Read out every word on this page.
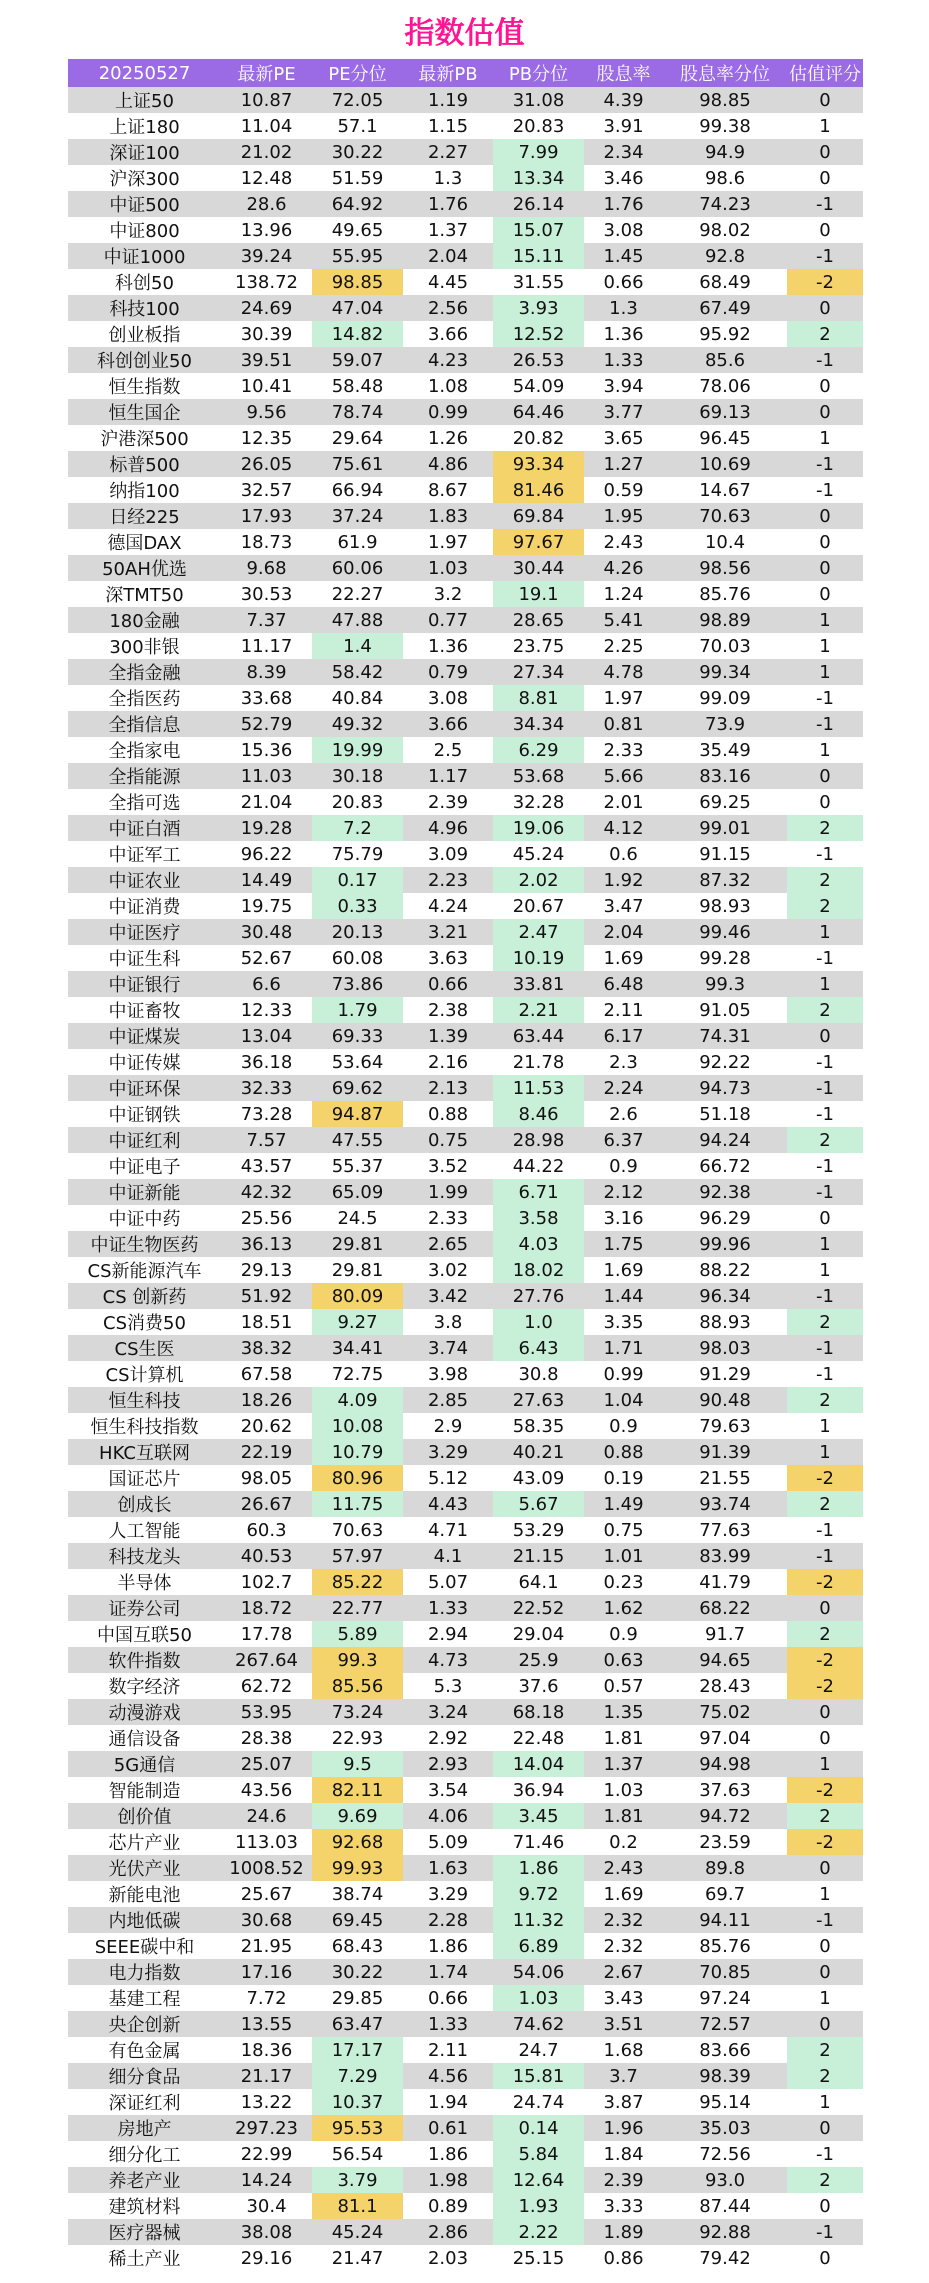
指数估值
20250527	最新PE	PE分位	最新PB	PB分位	股息率	股息率分位	估值评分
上证50	10.87	72.05	1.19	31.08	4.39	98.85	0
上证180	11.04	57.1	1.15	20.83	3.91	99.38	1
深证100	21.02	30.22	2.27	7.99	2.34	94.9	0
沪深300	12.48	51.59	1.3	13.34	3.46	98.6	0
中证500	28.6	64.92	1.76	26.14	1.76	74.23	-1
中证800	13.96	49.65	1.37	15.07	3.08	98.02	0
中证1000	39.24	55.95	2.04	15.11	1.45	92.8	-1
科创50	138.72	98.85	4.45	31.55	0.66	68.49	-2
科技100	24.69	47.04	2.56	3.93	1.3	67.49	0
创业板指	30.39	14.82	3.66	12.52	1.36	95.92	2
科创创业50	39.51	59.07	4.23	26.53	1.33	85.6	-1
恒生指数	10.41	58.48	1.08	54.09	3.94	78.06	0
恒生国企	9.56	78.74	0.99	64.46	3.77	69.13	0
沪港深500	12.35	29.64	1.26	20.82	3.65	96.45	1
标普500	26.05	75.61	4.86	93.34	1.27	10.69	-1
纳指100	32.57	66.94	8.67	81.46	0.59	14.67	-1
日经225	17.93	37.24	1.83	69.84	1.95	70.63	0
德国DAX	18.73	61.9	1.97	97.67	2.43	10.4	0
50AH优选	9.68	60.06	1.03	30.44	4.26	98.56	0
深TMT50	30.53	22.27	3.2	19.1	1.24	85.76	0
180金融	7.37	47.88	0.77	28.65	5.41	98.89	1
300非银	11.17	1.4	1.36	23.75	2.25	70.03	1
全指金融	8.39	58.42	0.79	27.34	4.78	99.34	1
全指医药	33.68	40.84	3.08	8.81	1.97	99.09	-1
全指信息	52.79	49.32	3.66	34.34	0.81	73.9	-1
全指家电	15.36	19.99	2.5	6.29	2.33	35.49	1
全指能源	11.03	30.18	1.17	53.68	5.66	83.16	0
全指可选	21.04	20.83	2.39	32.28	2.01	69.25	0
中证白酒	19.28	7.2	4.96	19.06	4.12	99.01	2
中证军工	96.22	75.79	3.09	45.24	0.6	91.15	-1
中证农业	14.49	0.17	2.23	2.02	1.92	87.32	2
中证消费	19.75	0.33	4.24	20.67	3.47	98.93	2
中证医疗	30.48	20.13	3.21	2.47	2.04	99.46	1
中证生科	52.67	60.08	3.63	10.19	1.69	99.28	-1
中证银行	6.6	73.86	0.66	33.81	6.48	99.3	1
中证畜牧	12.33	1.79	2.38	2.21	2.11	91.05	2
中证煤炭	13.04	69.33	1.39	63.44	6.17	74.31	0
中证传媒	36.18	53.64	2.16	21.78	2.3	92.22	-1
中证环保	32.33	69.62	2.13	11.53	2.24	94.73	-1
中证钢铁	73.28	94.87	0.88	8.46	2.6	51.18	-1
中证红利	7.57	47.55	0.75	28.98	6.37	94.24	2
中证电子	43.57	55.37	3.52	44.22	0.9	66.72	-1
中证新能	42.32	65.09	1.99	6.71	2.12	92.38	-1
中证中药	25.56	24.5	2.33	3.58	3.16	96.29	0
中证生物医药	36.13	29.81	2.65	4.03	1.75	99.96	1
CS新能源汽车	29.13	29.81	3.02	18.02	1.69	88.22	1
CS 创新药	51.92	80.09	3.42	27.76	1.44	96.34	-1
CS消费50	18.51	9.27	3.8	1.0	3.35	88.93	2
CS生医	38.32	34.41	3.74	6.43	1.71	98.03	-1
CS计算机	67.58	72.75	3.98	30.8	0.99	91.29	-1
恒生科技	18.26	4.09	2.85	27.63	1.04	90.48	2
恒生科技指数	20.62	10.08	2.9	58.35	0.9	79.63	1
HKC互联网	22.19	10.79	3.29	40.21	0.88	91.39	1
国证芯片	98.05	80.96	5.12	43.09	0.19	21.55	-2
创成长	26.67	11.75	4.43	5.67	1.49	93.74	2
人工智能	60.3	70.63	4.71	53.29	0.75	77.63	-1
科技龙头	40.53	57.97	4.1	21.15	1.01	83.99	-1
半导体	102.7	85.22	5.07	64.1	0.23	41.79	-2
证券公司	18.72	22.77	1.33	22.52	1.62	68.22	0
中国互联50	17.78	5.89	2.94	29.04	0.9	91.7	2
软件指数	267.64	99.3	4.73	25.9	0.63	94.65	-2
数字经济	62.72	85.56	5.3	37.6	0.57	28.43	-2
动漫游戏	53.95	73.24	3.24	68.18	1.35	75.02	0
通信设备	28.38	22.93	2.92	22.48	1.81	97.04	0
5G通信	25.07	9.5	2.93	14.04	1.37	94.98	1
智能制造	43.56	82.11	3.54	36.94	1.03	37.63	-2
创价值	24.6	9.69	4.06	3.45	1.81	94.72	2
芯片产业	113.03	92.68	5.09	71.46	0.2	23.59	-2
光伏产业	1008.52	99.93	1.63	1.86	2.43	89.8	0
新能电池	25.67	38.74	3.29	9.72	1.69	69.7	1
内地低碳	30.68	69.45	2.28	11.32	2.32	94.11	-1
SEEE碳中和	21.95	68.43	1.86	6.89	2.32	85.76	0
电力指数	17.16	30.22	1.74	54.06	2.67	70.85	0
基建工程	7.72	29.85	0.66	1.03	3.43	97.24	1
央企创新	13.55	63.47	1.33	74.62	3.51	72.57	0
有色金属	18.36	17.17	2.11	24.7	1.68	83.66	2
细分食品	21.17	7.29	4.56	15.81	3.7	98.39	2
深证红利	13.22	10.37	1.94	24.74	3.87	95.14	1
房地产	297.23	95.53	0.61	0.14	1.96	35.03	0
细分化工	22.99	56.54	1.86	5.84	1.84	72.56	-1
养老产业	14.24	3.79	1.98	12.64	2.39	93.0	2
建筑材料	30.4	81.1	0.89	1.93	3.33	87.44	0
医疗器械	38.08	45.24	2.86	2.22	1.89	92.88	-1
稀土产业	29.16	21.47	2.03	25.15	0.86	79.42	0
